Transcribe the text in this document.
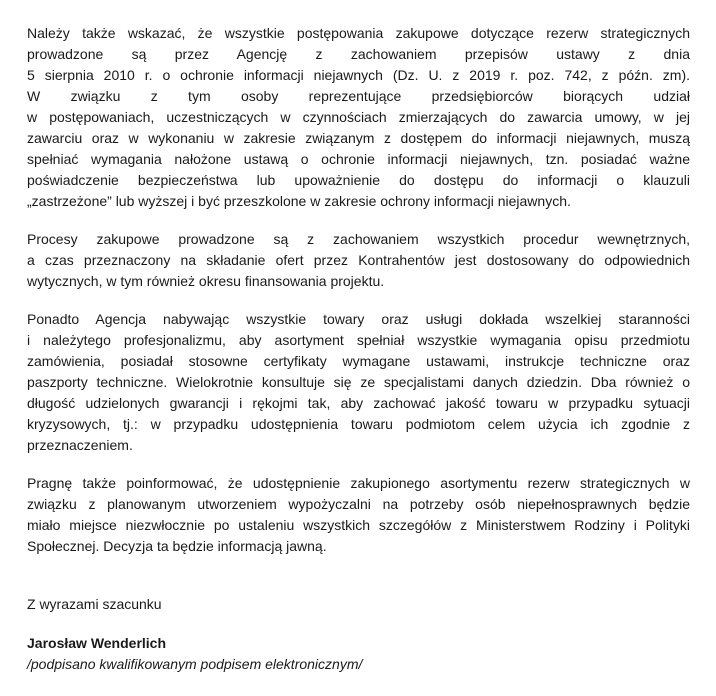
Należy także wskazać, że wszystkie postępowania zakupowe dotyczące rezerw strategicznych
prowadzone są przez Agencję z zachowaniem przepisów ustawy z dnia
5 sierpnia 2010 r. o ochronie informacji niejawnych (Dz. U. z 2019 r. poz. 742, z późn. zm).
W związku z tym osoby reprezentujące przedsiębiorców biorących udział
w postępowaniach, uczestniczących w czynnościach zmierzających do zawarcia umowy, w jej
zawarciu oraz w wykonaniu w zakresie związanym z dostępem do informacji niejawnych, muszą
spełniać wymagania nałożone ustawą o ochronie informacji niejawnych, tzn. posiadać ważne
poświadczenie bezpieczeństwa lub upoważnienie do dostępu do informacji o klauzuli
„zastrzeżone” lub wyższej i być przeszkolone w zakresie ochrony informacji niejawnych.
Procesy zakupowe prowadzone są z zachowaniem wszystkich procedur wewnętrznych,
a czas przeznaczony na składanie ofert przez Kontrahentów jest dostosowany do odpowiednich
wytycznych, w tym również okresu finansowania projektu.
Ponadto Agencja nabywając wszystkie towary oraz usługi dokłada wszelkiej staranności
i należytego profesjonalizmu, aby asortyment spełniał wszystkie wymagania opisu przedmiotu
zamówienia, posiadał stosowne certyfikaty wymagane ustawami, instrukcje techniczne oraz
paszporty techniczne. Wielokrotnie konsultuje się ze specjalistami danych dziedzin. Dba również o
długość udzielonych gwarancji i rękojmi tak, aby zachować jakość towaru w przypadku sytuacji
kryzysowych, tj.: w przypadku udostępnienia towaru podmiotom celem użycia ich zgodnie z
przeznaczeniem.
Pragnę także poinformować, że udostępnienie zakupionego asortymentu rezerw strategicznych w
związku z planowanym utworzeniem wypożyczalni na potrzeby osób niepełnosprawnych będzie
miało miejsce niezwłocznie po ustaleniu wszystkich szczegółów z Ministerstwem Rodziny i Polityki
Społecznej. Decyzja ta będzie informacją jawną.
Z wyrazami szacunku
Jarosław Wenderlich
/podpisano kwalifikowanym podpisem elektronicznym/
